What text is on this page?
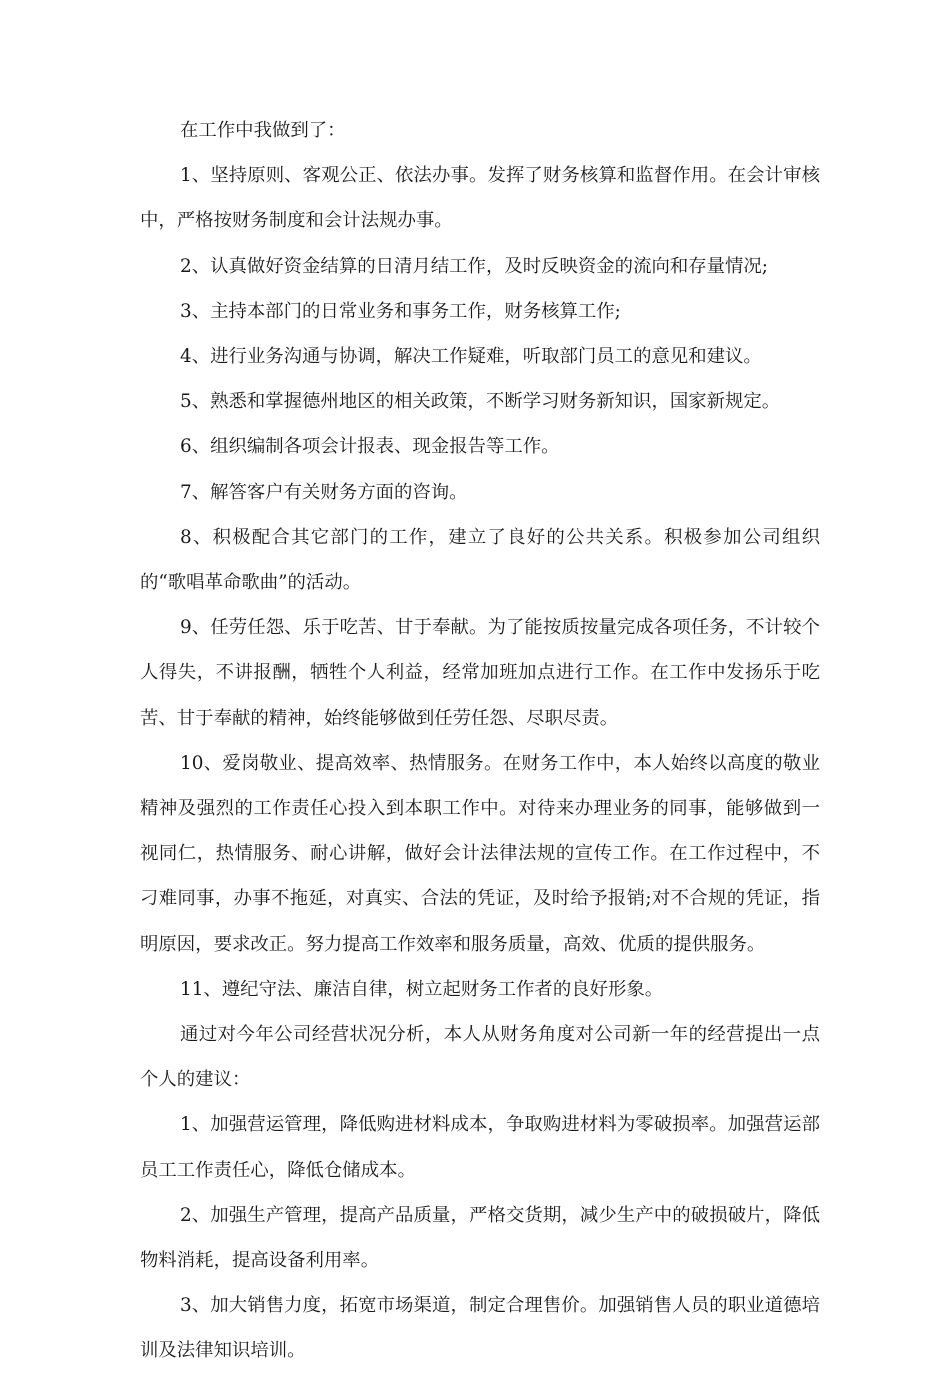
在工作中我做到了：

1、坚持原则、客观公正、依法办事。发挥了财务核算和监督作用。在会计审核中，严格按财务制度和会计法规办事。

2、认真做好资金结算的日清月结工作，及时反映资金的流向和存量情况;

3、主持本部门的日常业务和事务工作，财务核算工作;

4、进行业务沟通与协调，解决工作疑难，听取部门员工的意见和建议。

5、熟悉和掌握德州地区的相关政策，不断学习财务新知识，国家新规定。

6、组织编制各项会计报表、现金报告等工作。

7、解答客户有关财务方面的咨询。

8、积极配合其它部门的工作，建立了良好的公共关系。积极参加公司组织的“歌唱革命歌曲”的活动。

9、任劳任怨、乐于吃苦、甘于奉献。为了能按质按量完成各项任务，不计较个人得失，不讲报酬，牺牲个人利益，经常加班加点进行工作。在工作中发扬乐于吃苦、甘于奉献的精神，始终能够做到任劳任怨、尽职尽责。

10、爱岗敬业、提高效率、热情服务。在财务工作中，本人始终以高度的敬业精神及强烈的工作责任心投入到本职工作中。对待来办理业务的同事，能够做到一视同仁，热情服务、耐心讲解，做好会计法律法规的宣传工作。在工作过程中，不刁难同事，办事不拖延，对真实、合法的凭证，及时给予报销;对不合规的凭证，指明原因，要求改正。努力提高工作效率和服务质量，高效、优质的提供服务。

11、遵纪守法、廉洁自律，树立起财务工作者的良好形象。

通过对今年公司经营状况分析，本人从财务角度对公司新一年的经营提出一点个人的建议：

1、加强营运管理，降低购进材料成本，争取购进材料为零破损率。加强营运部员工工作责任心，降低仓储成本。

2、加强生产管理，提高产品质量，严格交货期，减少生产中的破损破片，降低物料消耗，提高设备利用率。

3、加大销售力度，拓宽市场渠道，制定合理售价。加强销售人员的职业道德培训及法律知识培训。
